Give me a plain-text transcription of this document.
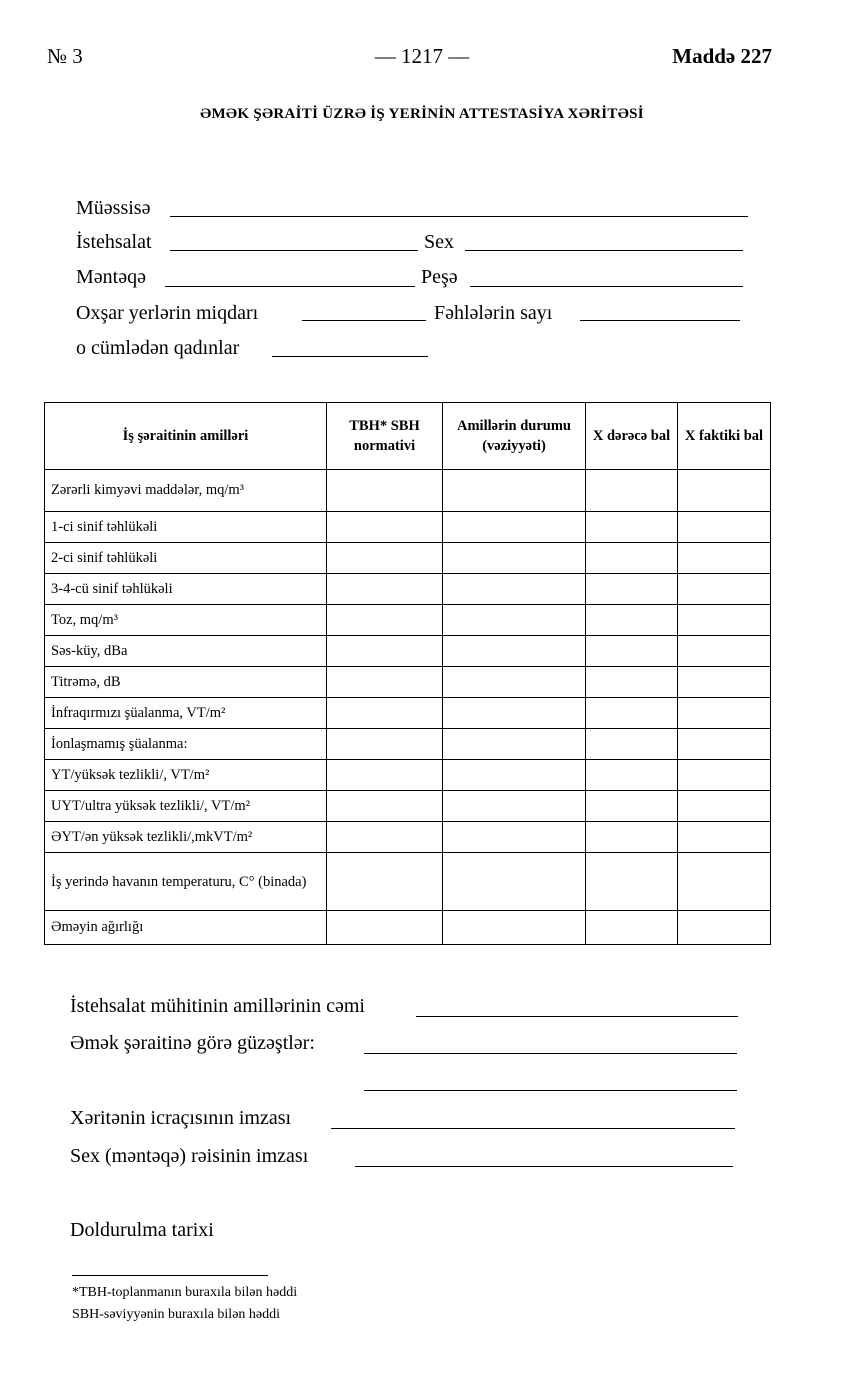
№ 3	— 1217 —	Maddə 227
ƏMƏK ŞƏRAİTİ ÜZRƏ İŞ YERİNİN ATTESTASİYA XƏRİTƏSİ
Müəssisə
İstehsalat	Sex
Məntəqə	Peşə
Oxşar yerlərin miqdarı	Fəhlələrin sayı
o cümlədən qadınlar
İş şəraitinin amilləri	TBH* SBH normativi	Amillərin durumu (vəziyyəti)	X dərəcə bal	X faktiki bal
Zərərli kimyəvi maddələr, mq/m³				
1-ci sinif təhlükəli				
2-ci sinif təhlükəli				
3-4-cü sinif təhlükəli				
Toz, mq/m³				
Səs-küy, dBa				
Titrəmə, dB				
İnfraqırmızı şüalanma, VT/m²				
İonlaşmamış şüalanma:				
YT/yüksək tezlikli/, VT/m²				
UYT/ultra yüksək tezlikli/, VT/m²				
ƏYT/ən yüksək tezlikli/,mkVT/m²				
İş yerində havanın temperaturu, C° (binada)				
Əməyin ağırlığı				
İstehsalat mühitinin amillərinin cəmi
Əmək şəraitinə görə güzəştlər:
Xəritənin icraçısının imzası
Sex (məntəqə) rəisinin imzası
Doldurulma tarixi
*TBH-toplanmanın buraxıla bilən həddi
SBH-səviyyənin buraxıla bilən həddi
